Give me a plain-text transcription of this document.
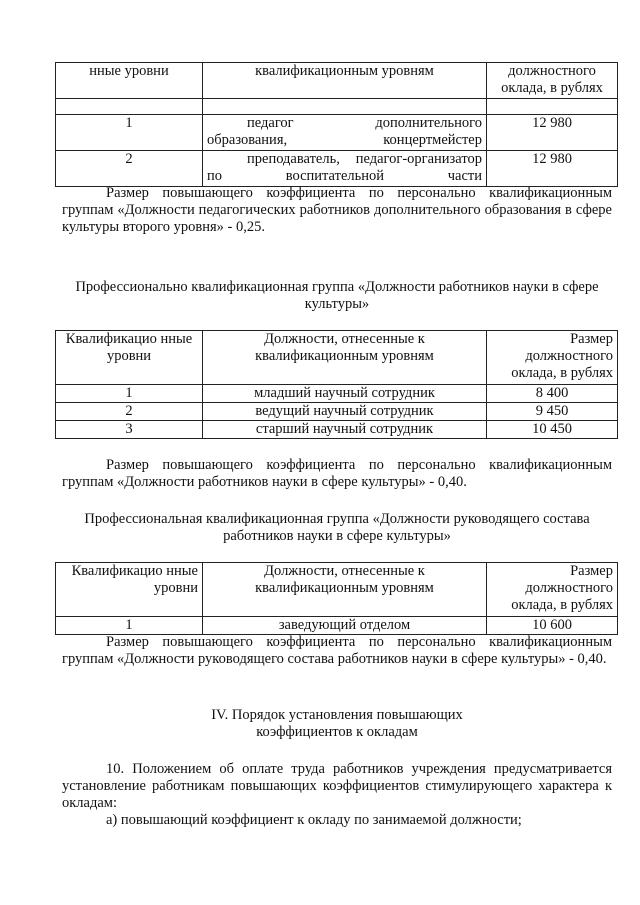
нные уровни	квалификационным уровням	должностного оклада, в рублях

1	педагог дополнительного образования, концертмейстер	12 980
2	преподаватель, педагог-организатор по воспитательной части	12 980

Размер повышающего коэффициента по персонально квалификационным группам «Должности педагогических работников дополнительного образования в сфере культуры второго уровня» - 0,25.

Профессионально квалификационная группа «Должности работников науки в сфере культуры»
Квалификацио нные уровни	Должности, отнесенные к квалификационным уровням	Размер должностного оклада, в рублях
1	младший научный сотрудник	8 400
2	ведущий научный сотрудник	9 450
3	старший научный сотрудник	10 450

Размер повышающего коэффициента по персонально квалификационным группам «Должности работников науки в сфере культуры» - 0,40.

Профессиональная квалификационная группа «Должности руководящего состава работников науки в сфере культуры»
Квалификацио нные уровни	Должности, отнесенные к квалификационным уровням	Размер должностного оклада, в рублях
1	заведующий отделом	10 600

Размер повышающего коэффициента по персонально квалификационным группам «Должности руководящего состава работников науки в сфере культуры» - 0,40.

IV. Порядок установления повышающих
коэффициентов к окладам

10. Положением об оплате труда работников учреждения предусматривается установление работникам повышающих коэффициентов стимулирующего характера к окладам:

а) повышающий коэффициент к окладу по занимаемой должности;
